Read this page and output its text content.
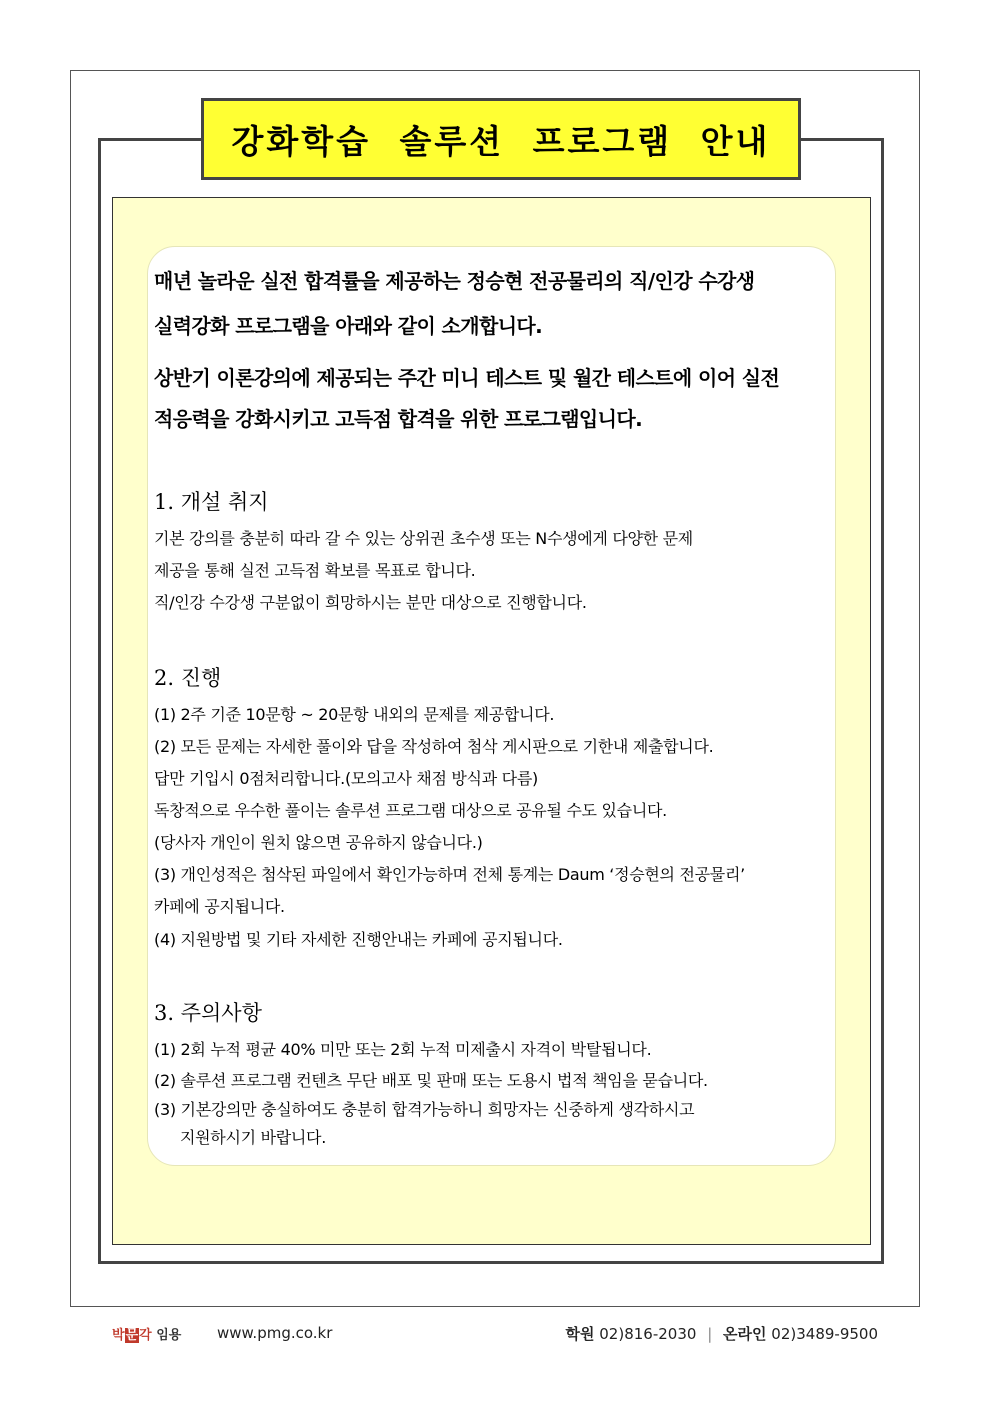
강화학습 솔루션 프로그램 안내
매년 놀라운 실전 합격률을 제공하는 정승현 전공물리의 직/인강 수강생
실력강화 프로그램을 아래와 같이 소개합니다.
상반기 이론강의에 제공되는 주간 미니 테스트 및 월간 테스트에 이어 실전
적응력을 강화시키고 고득점 합격을 위한 프로그램입니다.
1. 개설 취지
기본 강의를 충분히 따라 갈 수 있는 상위권 초수생 또는 N수생에게 다양한 문제
제공을 통해 실전 고득점 확보를 목표로 합니다.
직/인강 수강생 구분없이 희망하시는 분만 대상으로 진행합니다.
2. 진행
(1) 2주 기준 10문항 ~ 20문항 내외의 문제를 제공합니다.
(2) 모든 문제는 자세한 풀이와 답을 작성하여 첨삭 게시판으로 기한내 제출합니다.
답만 기입시 0점처리합니다.(모의고사 채점 방식과 다름)
독창적으로 우수한 풀이는 솔루션 프로그램 대상으로 공유될 수도 있습니다.
(당사자 개인이 원치 않으면 공유하지 않습니다.)
(3) 개인성적은 첨삭된 파일에서 확인가능하며 전체 통계는 Daum ‘정승현의 전공물리’
카페에 공지됩니다.
(4) 지원방법 및 기타 자세한 진행안내는 카페에 공지됩니다.
3. 주의사항
(1) 2회 누적 평균 40% 미만 또는 2회 누적 미제출시 자격이 박탈됩니다.
(2) 솔루션 프로그램 컨텐츠 무단 배포 및 판매 또는 도용시 법적 책임을 묻습니다.
(3) 기본강의만 충실하여도 충분히 합격가능하니 희망자는 신중하게 생각하시고
지원하시기 바랍니다.
박문각 임용 www.pmg.co.kr	학원 02)816-2030 | 온라인 02)3489-9500
